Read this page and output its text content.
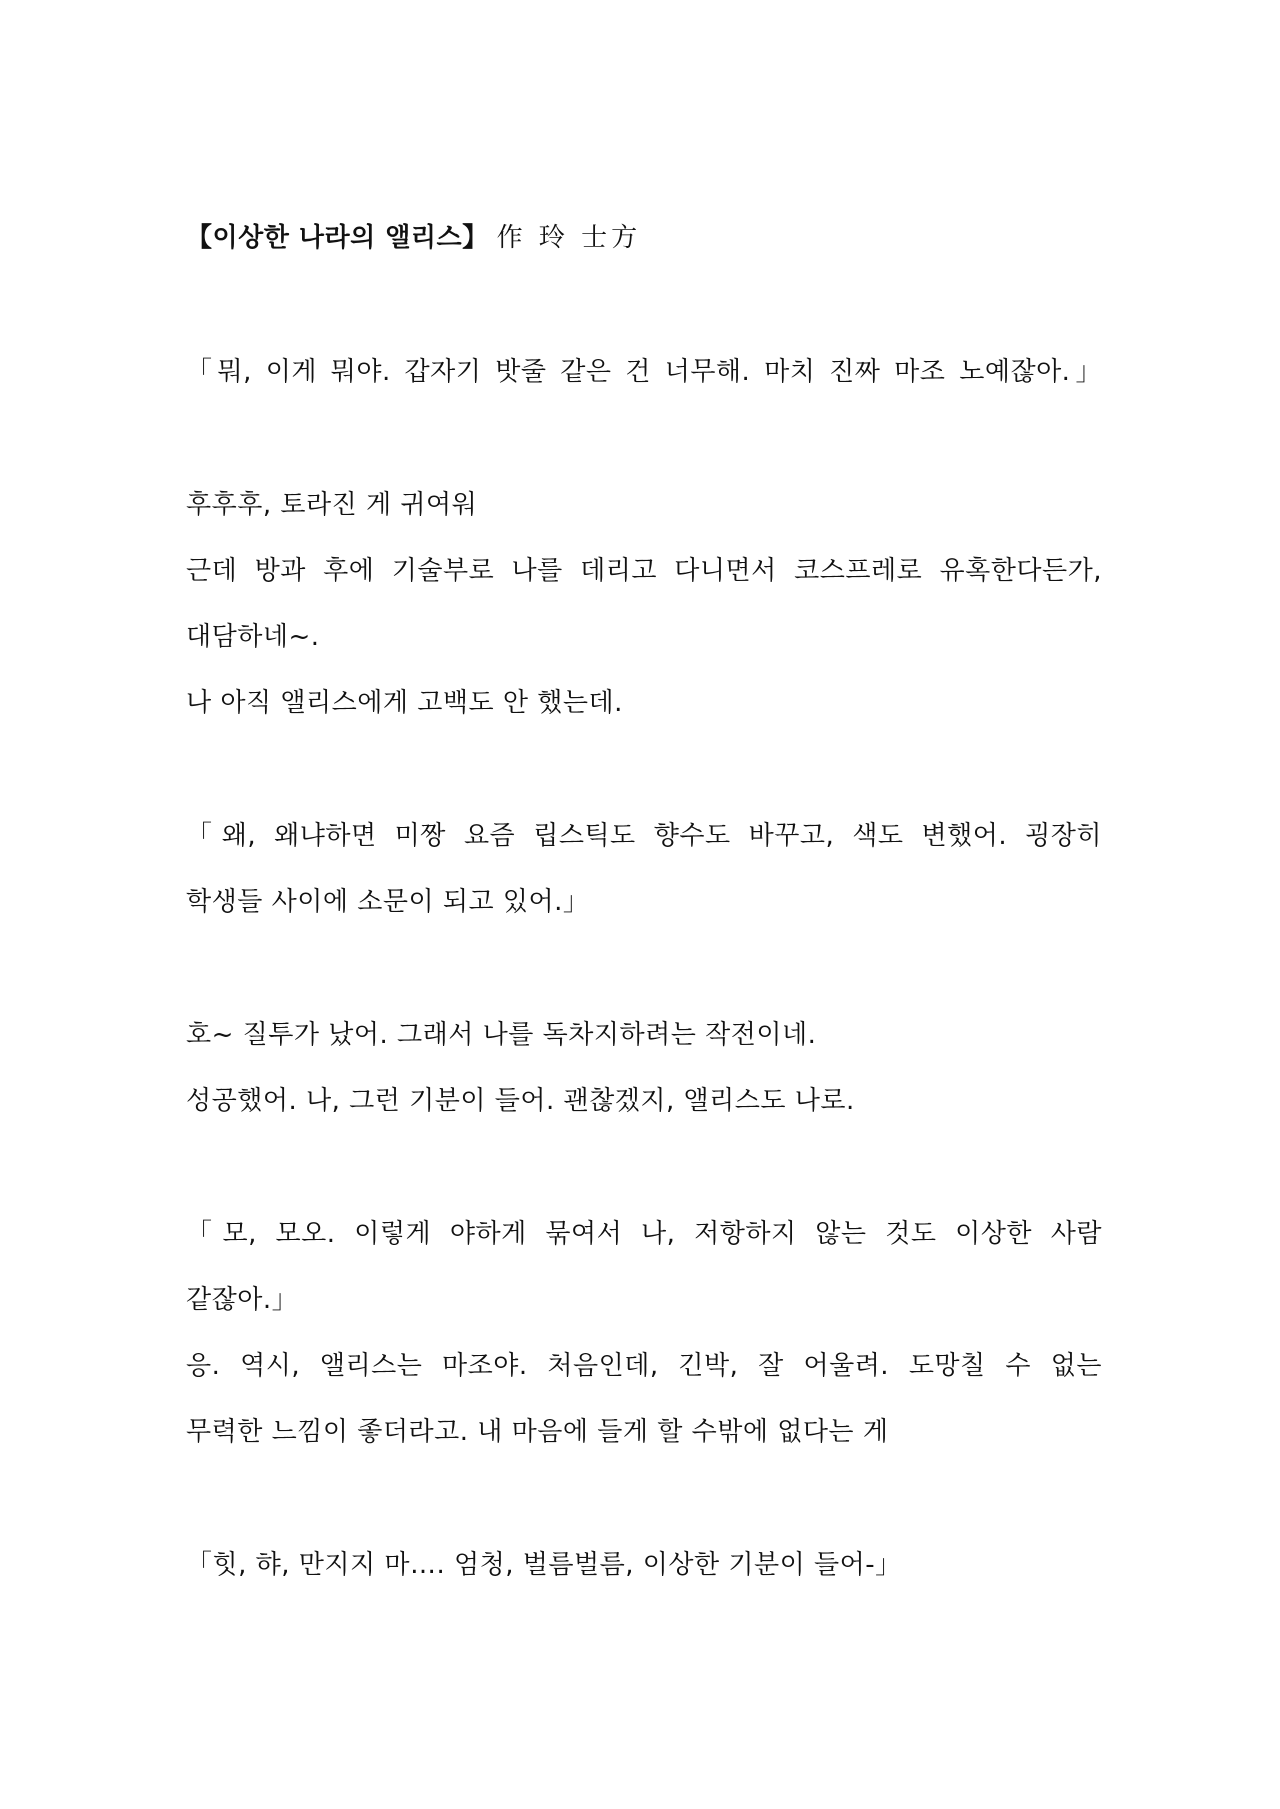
【이상한 나라의 앨리스】 作 玲 士方
「뭐, 이게 뭐야. 갑자기 밧줄 같은 건 너무해. 마치 진짜 마조 노예잖아.」
후후후, 토라진 게 귀여워
근데 방과 후에 기술부로 나를 데리고 다니면서 코스프레로 유혹한다든가,
대담하네~.
나 아직 앨리스에게 고백도 안 했는데.
「왜, 왜냐하면 미짱 요즘 립스틱도 향수도 바꾸고, 색도 변했어. 굉장히
학생들 사이에 소문이 되고 있어.」
호~ 질투가 났어. 그래서 나를 독차지하려는 작전이네.
성공했어. 나, 그런 기분이 들어. 괜찮겠지, 앨리스도 나로.
「모, 모오. 이렇게 야하게 묶여서 나, 저항하지 않는 것도 이상한 사람
같잖아.」
응. 역시, 앨리스는 마조야. 처음인데, 긴박, 잘 어울려. 도망칠 수 없는
무력한 느낌이 좋더라고. 내 마음에 들게 할 수밖에 없다는 게
「힛, 햐, 만지지 마…. 엄청, 벌름벌름, 이상한 기분이 들어-」
